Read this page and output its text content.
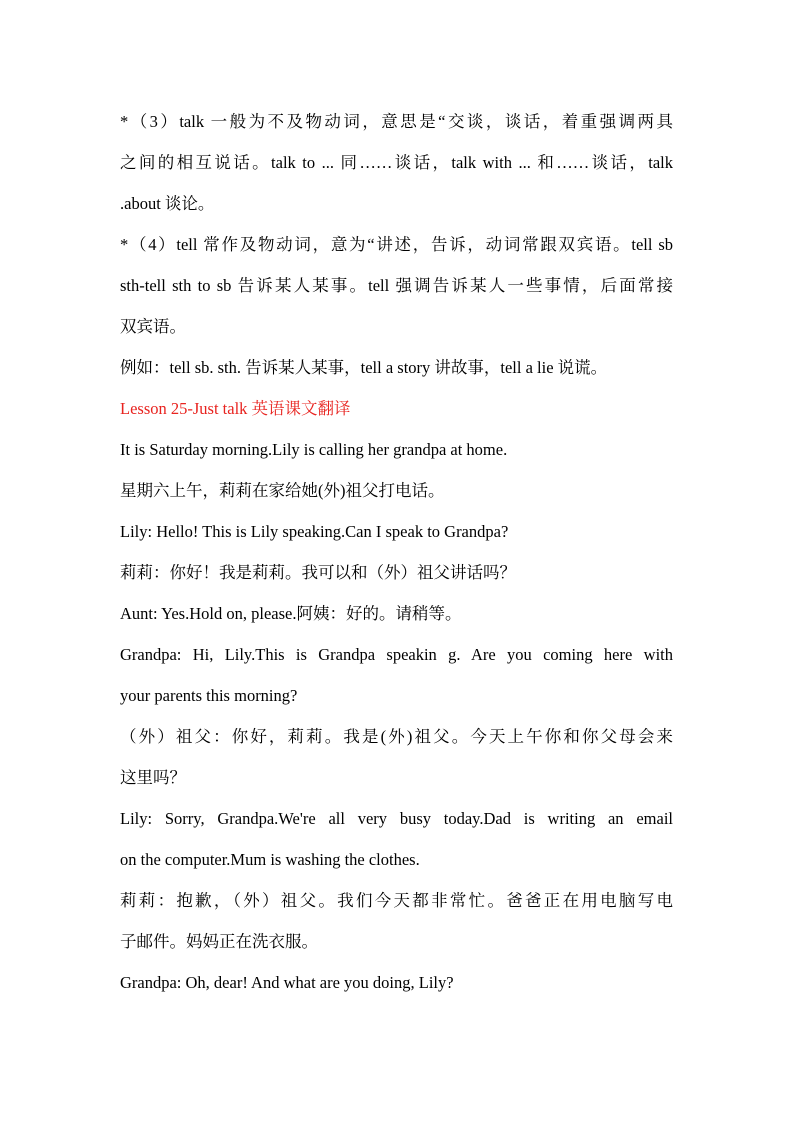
*（3）talk 一般为不及物动词，意思是“交谈，谈话，着重强调两具

之间的相互说话。talk to ... 同……谈话，talk with ... 和……谈话，talk

.about 谈论。

*（4）tell 常作及物动词，意为“讲述，告诉，动词常跟双宾语。tell sb

sth-tell sth to sb 告诉某人某事。tell 强调告诉某人一些事情，后面常接

双宾语。

例如：tell sb. sth. 告诉某人某事，tell a story 讲故事，tell a lie 说谎。

Lesson 25-Just talk 英语课文翻译

It is Saturday morning.Lily is calling her grandpa at home.

星期六上午，莉莉在家给她(外)祖父打电话。

Lily: Hello! This is Lily speaking.Can I speak to Grandpa?

莉莉：你好！我是莉莉。我可以和（外）祖父讲话吗？

Aunt: Yes.Hold on, please.阿姨：好的。请稍等。

Grandpa: Hi, Lily.This is Grandpa speakin g. Are you coming here with

your parents this morning?

（外）祖父：你好，莉莉。我是(外)祖父。今天上午你和你父母会来

这里吗？

Lily: Sorry, Grandpa.We're all very busy today.Dad is writing an email

on the computer.Mum is washing the clothes.

莉莉：抱歉，（外）祖父。我们今天都非常忙。爸爸正在用电脑写电

子邮件。妈妈正在洗衣服。

Grandpa: Oh, dear! And what are you doing, Lily?
